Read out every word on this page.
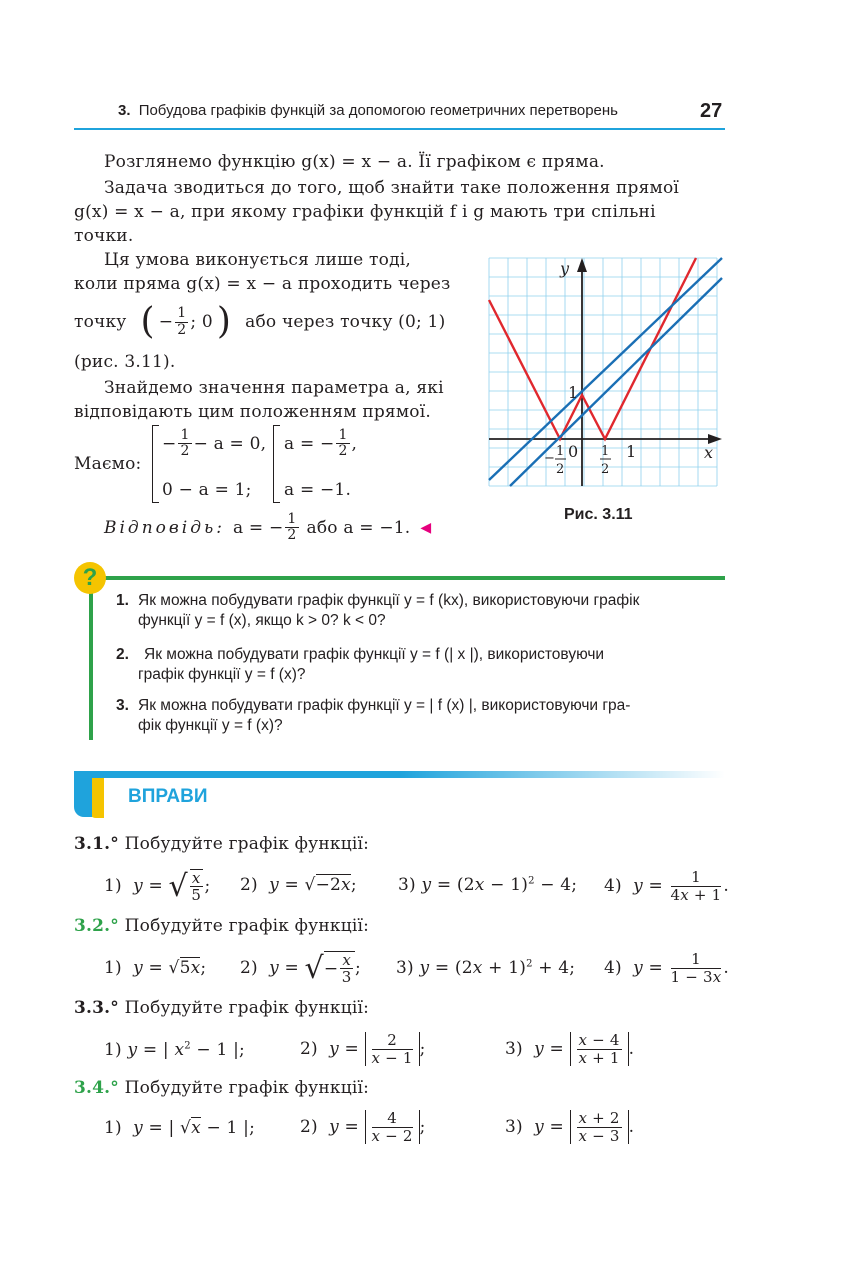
3. Побудова графіків функцій за допомогою геометричних перетворень	27
Розглянемо функцію g(x) = x − a. Її графіком є пряма.
Задача зводиться до того, щоб знайти таке положення прямої
g(x) = x − a, при якому графіки функцій f і g мають три спільні
точки.
Ця умова виконується лише тоді,
коли пряма g(x) = x − a проходить через
точку ( − $\frac{1}{2}$ ; 0 ) або через точку (0; 1)
(рис. 3.11).
Знайдемо значення параметра a, які
відповідають цим положенням прямої.
Маємо:
− $\frac{1}{2} - a = 0$,
0 − a = 1;
a = − $\frac{1}{2}$ ,
a = −1.
Відповідь: a = − $\frac{1}{2}$ або a = −1. ◀
y
x
1
0	1
1
−
2
1
2
Рис. 3.11
?
1. Як можна побудувати графік функції y = f (kx), використовуючи графік
функції y = f (x), якщо k > 0? k < 0?
2. Як можна побудувати графік функції y = f (| x |), використовуючи
графік функції y = f (x)?
3. Як можна побудувати графік функції y = | f (x) |, використовуючи гра-
фік функції y = f (x)?
ВПРАВИ
3.1.° Побудуйте графік функції:
1)  y = √ $\frac{x}{5}$ ; 2)  y = √−2x; 3) $y = (2x - 1)^2 - 4$; 4)  $y = \frac{1}{4x + 1}$ .
3.2.° Побудуйте графік функції:
1)  y = √5x; 2)  y = √ − $\frac{x}{3}$ ; 3) $y = (2x + 1)^2 + 4$; 4)  $y = \frac{1}{1 - 3x}$ .
3.3.° Побудуйте графік функції:
1) y = | $x^2 - 1$ |;	2)  $y = \frac{2}{x - 1}$ ;	3)  $y = \frac{x - 4}{x + 1}$ .
3.4.° Побудуйте графік функції:
1)  y = | √x − 1 |;	2)  $y = \frac{4}{x - 2}$ ;	3)  $y = \frac{x + 2}{x - 3}$ .
